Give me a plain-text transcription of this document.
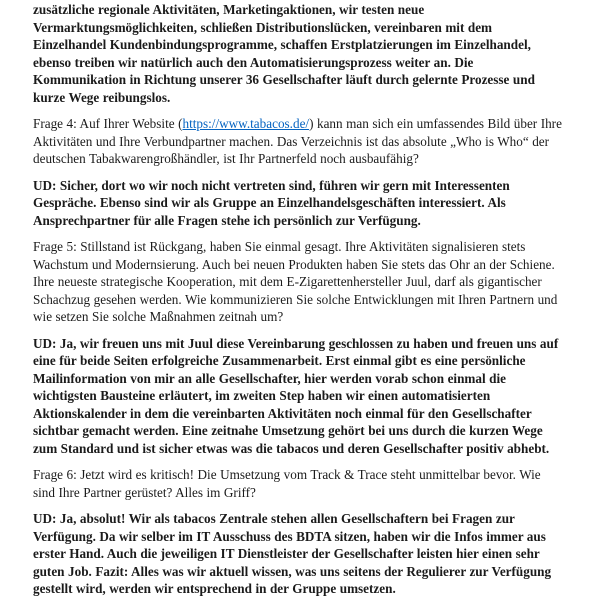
zusätzliche regionale Aktivitäten, Marketingaktionen, wir testen neue Vermarktungsmöglichkeiten, schließen Distributionslücken, vereinbaren mit dem Einzelhandel Kundenbindungsprogramme, schaffen Erstplatzierungen im Einzelhandel, ebenso treiben wir natürlich auch den Automatisierungsprozess weiter an. Die Kommunikation in Richtung unserer 36 Gesellschafter läuft durch gelernte Prozesse und kurze Wege reibungslos.

Frage 4: Auf Ihrer Website (https://www.tabacos.de/) kann man sich ein umfassendes Bild über Ihre Aktivitäten und Ihre Verbundpartner machen. Das Verzeichnis ist das absolute „Who is Who“ der deutschen Tabakwarengroßhändler, ist Ihr Partnerfeld noch ausbaufähig?

UD: Sicher, dort wo wir noch nicht vertreten sind, führen wir gern mit Interessenten Gespräche. Ebenso sind wir als Gruppe an Einzelhandelsgeschäften interessiert. Als Ansprechpartner für alle Fragen stehe ich persönlich zur Verfügung.

Frage 5: Stillstand ist Rückgang, haben Sie einmal gesagt. Ihre Aktivitäten signalisieren stets Wachstum und Modernsierung. Auch bei neuen Produkten haben Sie stets das Ohr an der Schiene. Ihre neueste strategische Kooperation, mit dem E-Zigarettenhersteller Juul, darf als gigantischer Schachzug gesehen werden. Wie kommunizieren Sie solche Entwicklungen mit Ihren Partnern und wie setzen Sie solche Maßnahmen zeitnah um?

UD: Ja, wir freuen uns mit Juul diese Vereinbarung geschlossen zu haben und freuen uns auf eine für beide Seiten erfolgreiche Zusammenarbeit. Erst einmal gibt es eine persönliche Mailinformation von mir an alle Gesellschafter, hier werden vorab schon einmal die wichtigsten Bausteine erläutert, im zweiten Step haben wir einen automatisierten Aktionskalender in dem die vereinbarten Aktivitäten noch einmal für den Gesellschafter sichtbar gemacht werden. Eine zeitnahe Umsetzung gehört bei uns durch die kurzen Wege zum Standard und ist sicher etwas was die tabacos und deren Gesellschafter positiv abhebt.

Frage 6: Jetzt wird es kritisch! Die Umsetzung vom Track & Trace steht unmittelbar bevor. Wie sind Ihre Partner gerüstet? Alles im Griff?

UD: Ja, absolut! Wir als tabacos Zentrale stehen allen Gesellschaftern bei Fragen zur Verfügung. Da wir selber im IT Ausschuss des BDTA sitzen, haben wir die Infos immer aus erster Hand. Auch die jeweiligen IT Dienstleister der Gesellschafter leisten hier einen sehr guten Job. Fazit: Alles was wir aktuell wissen, was uns seitens der Regulierer zur Verfügung gestellt wird, werden wir entsprechend in der Gruppe umsetzen.
